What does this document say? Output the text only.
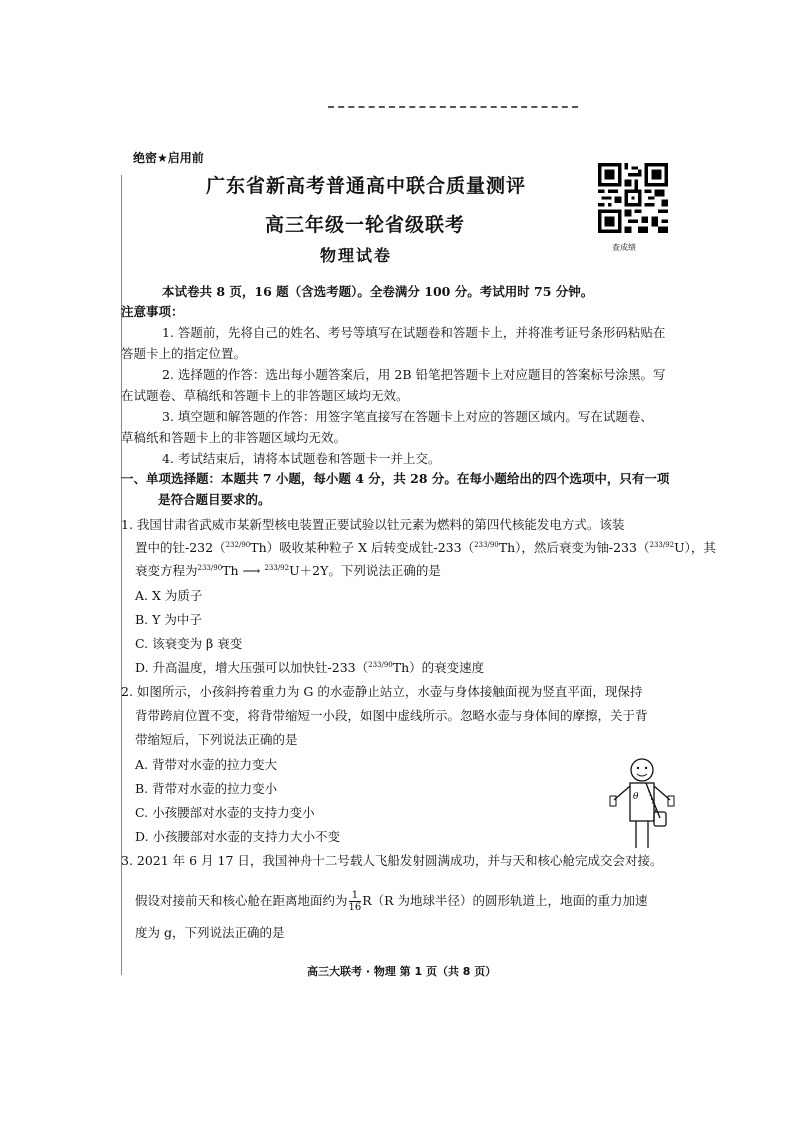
绝密★启用前
广东省新高考普通高中联合质量测评
高三年级一轮省级联考
物理试卷	查成绩
本试卷共 8 页，16 题（含选考题）。全卷满分 100 分。考试用时 75 分钟。
注意事项：
1. 答题前，先将自己的姓名、考号等填写在试题卷和答题卡上，并将准考证号条形码粘贴在
答题卡上的指定位置。
2. 选择题的作答：选出每小题答案后，用 2B 铅笔把答题卡上对应题目的答案标号涂黑。写
在试题卷、草稿纸和答题卡上的非答题区域均无效。
3. 填空题和解答题的作答：用签字笔直接写在答题卡上对应的答题区域内。写在试题卷、
草稿纸和答题卡上的非答题区域均无效。
4. 考试结束后，请将本试题卷和答题卡一并上交。
一、单项选择题：本题共 7 小题，每小题 4 分，共 28 分。在每小题给出的四个选项中，只有一项
是符合题目要求的。
1. 我国甘肃省武威市某新型核电装置正要试验以钍元素为燃料的第四代核能发电方式。该装
置中的钍-232（$^{232/90}$Th）吸收某种粒子 X 后转变成钍-233（$^{233/90}$Th），然后衰变为铀-233（$^{233/92}$U），其
衰变方程为$^{233/90}$Th ⟶ $^{233/92}$U＋2Y。下列说法正确的是
A. X 为质子
B. Y 为中子
C. 该衰变为 β 衰变
D. 升高温度，增大压强可以加快钍-233（$^{233/90}$Th）的衰变速度
2. 如图所示，小孩斜挎着重力为 G 的水壶静止站立，水壶与身体接触面视为竖直平面，现保持
背带跨肩位置不变，将背带缩短一小段，如图中虚线所示。忽略水壶与身体间的摩擦，关于背
带缩短后，下列说法正确的是
A. 背带对水壶的拉力变大
B. 背带对水壶的拉力变小
C. 小孩腰部对水壶的支持力变小
D. 小孩腰部对水壶的支持力大小不变
θ
3. 2021 年 6 月 17 日，我国神舟十二号载人飞船发射圆满成功，并与天和核心舱完成交会对接。
假设对接前天和核心舱在距离地面约为 $\frac{1}{16} R(R$ 为地球半径）的圆形轨道上，地面的重力加速
度为 g，下列说法正确的是
高三大联考 · 物理 第 1 页（共 8 页）
